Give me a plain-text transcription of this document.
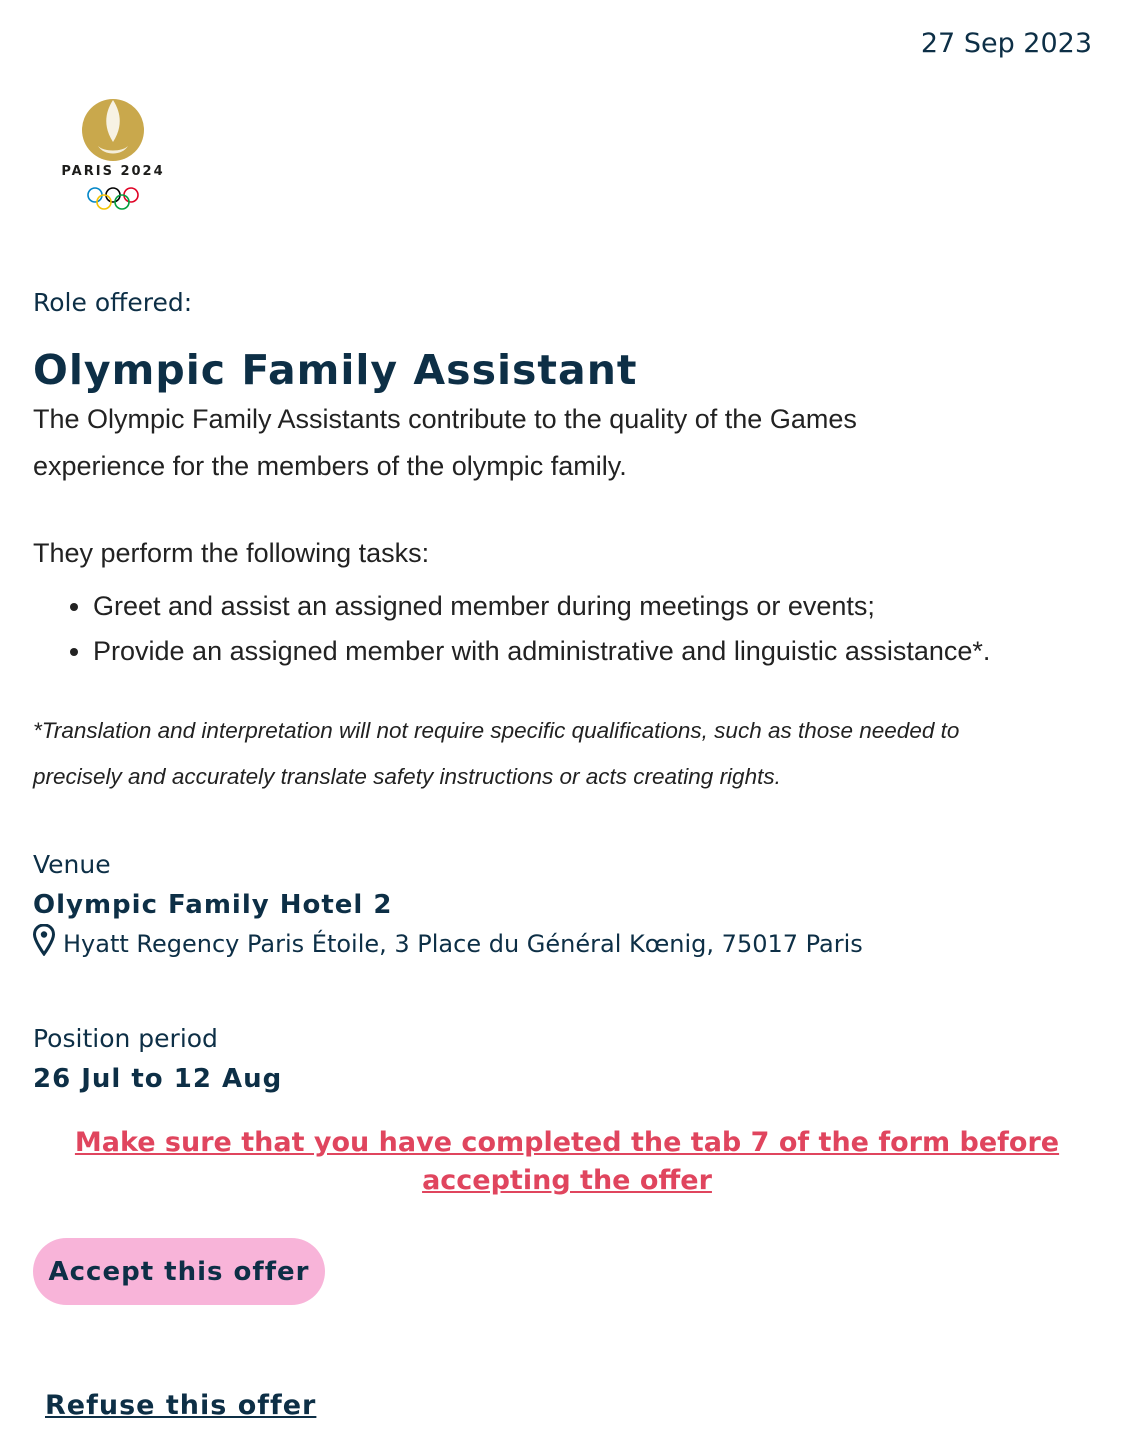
27 Sep 2023
PARIS 2024
Role offered:
Olympic Family Assistant
The Olympic Family Assistants contribute to the quality of the Games
experience for the members of the olympic family.
They perform the following tasks:
• Greet and assist an assigned member during meetings or events;
• Provide an assigned member with administrative and linguistic assistance*.
*Translation and interpretation will not require specific qualifications, such as those needed to
precisely and accurately translate safety instructions or acts creating rights.
Venue
Olympic Family Hotel 2
Hyatt Regency Paris Étoile, 3 Place du Général Kœnig, 75017 Paris
Position period
26 Jul to 12 Aug
Make sure that you have completed the tab 7 of the form before
accepting the offer
Accept this offer
Refuse this offer
